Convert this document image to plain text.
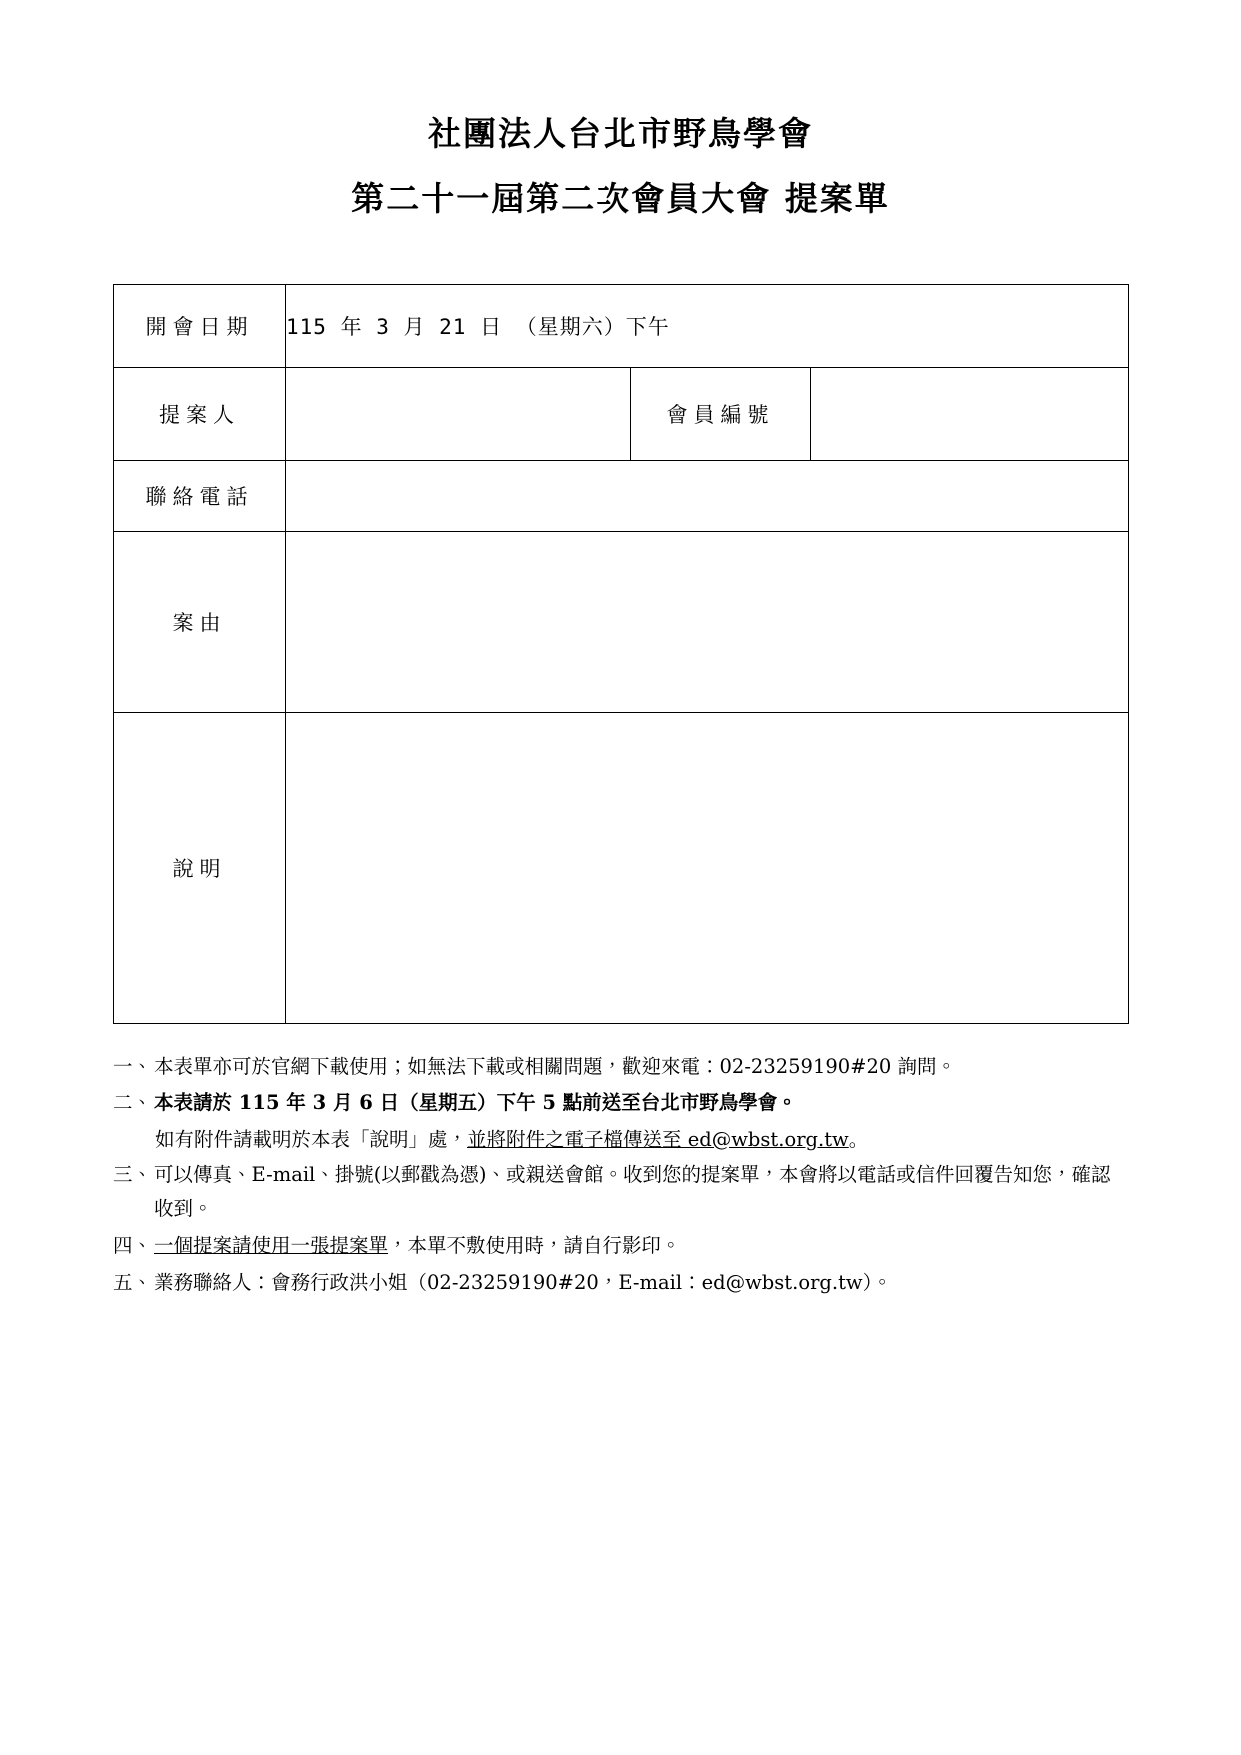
社團法人台北市野鳥學會
第二十一屆第二次會員大會 提案單
開會日期	115 年 3 月 21 日 （星期六）下午		
提案人		會員編號	
聯絡電話			
案由			
說明			
一、 本表單亦可於官網下載使用；如無法下載或相關問題，歡迎來電：02-23259190#20 詢問。
二、 本表請於 115 年 3 月 6 日（星期五）下午 5 點前送至台北市野鳥學會。
如有附件請載明於本表「說明」處，並將附件之電子檔傳送至 ed@wbst.org.tw。
三、 可以傳真、E-mail、掛號(以郵戳為憑)、或親送會館。收到您的提案單，本會將以電話或信件回覆告知您，確認收到。
四、 一個提案請使用一張提案單，本單不敷使用時，請自行影印。
五、 業務聯絡人：會務行政洪小姐（02-23259190#20，E-mail：ed@wbst.org.tw）。
